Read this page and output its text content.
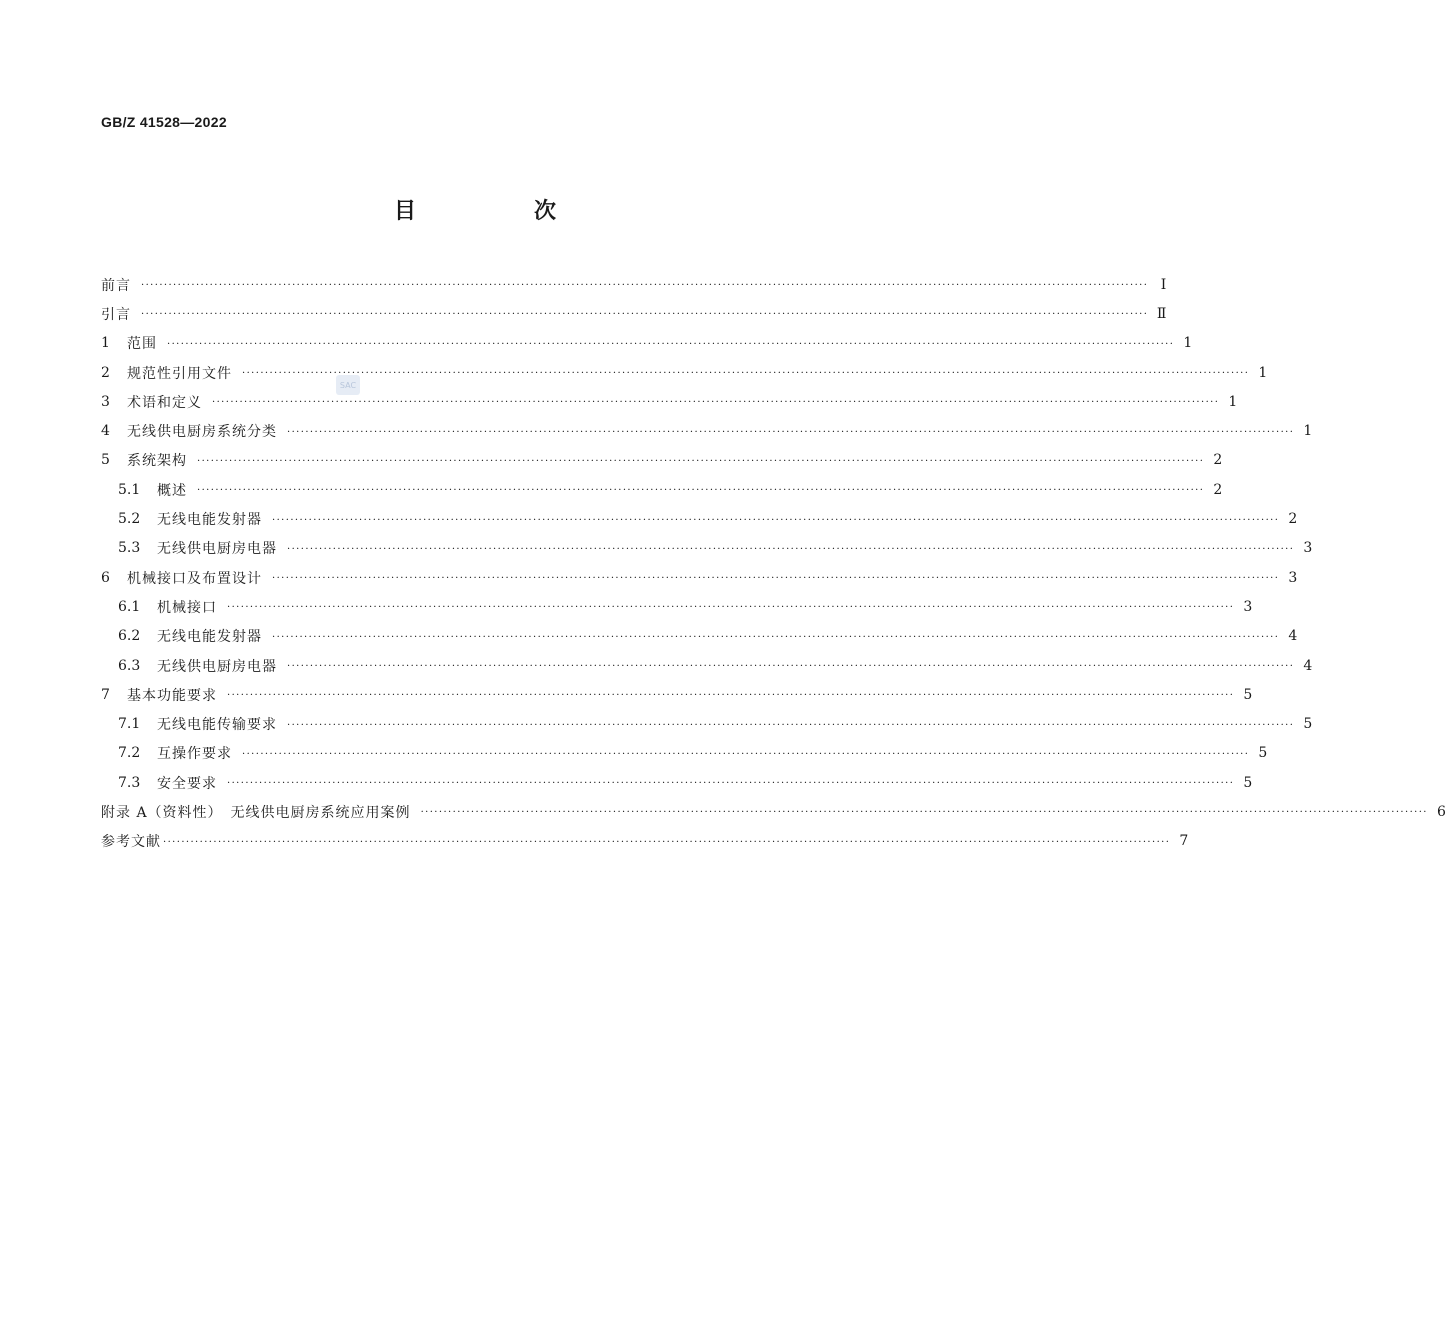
GB/Z 41528—2022
目　次
SAC
前言 ···························································································································································································································· Ⅰ
引言 ···························································································································································································································· Ⅱ
1	范围 ···························································································································································································································· 1
2	规范性引用文件 ···························································································································································································································· 1
3	术语和定义 ···························································································································································································································· 1
4	无线供电厨房系统分类 ···························································································································································································································· 1
5	系统架构 ···························································································································································································································· 2
5.1	概述 ···························································································································································································································· 2
5.2	无线电能发射器 ···························································································································································································································· 2
5.3	无线供电厨房电器 ···························································································································································································································· 3
6	机械接口及布置设计 ···························································································································································································································· 3
6.1	机械接口 ···························································································································································································································· 3
6.2	无线电能发射器 ···························································································································································································································· 4
6.3	无线供电厨房电器 ···························································································································································································································· 4
7	基本功能要求 ···························································································································································································································· 5
7.1	无线电能传输要求 ···························································································································································································································· 5
7.2	互操作要求 ···························································································································································································································· 5
7.3	安全要求 ···························································································································································································································· 5
附录 A（资料性）　无线供电厨房系统应用案例 ···························································································································································································································· 6
参考文献 ···························································································································································································································· 7
